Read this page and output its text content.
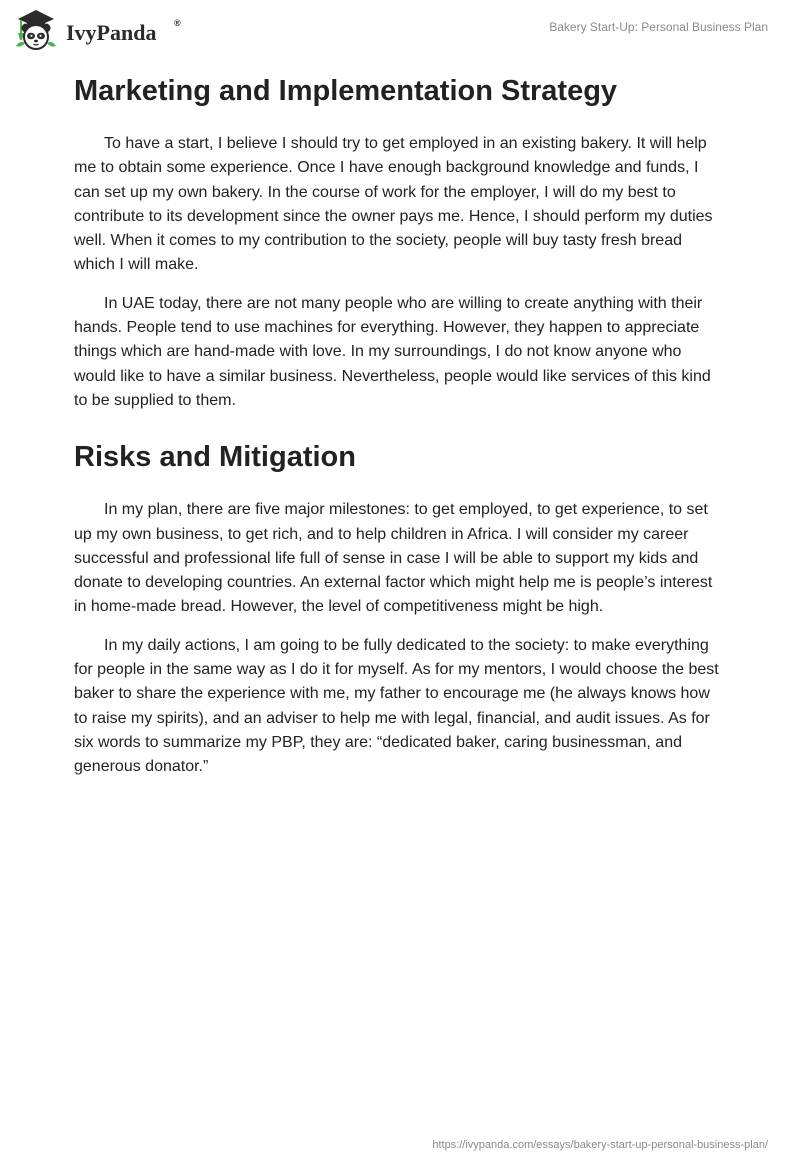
IvyPanda ®	Bakery Start-Up: Personal Business Plan

Marketing and Implementation Strategy

To have a start, I believe I should try to get employed in an existing bakery. It will help me to obtain some experience. Once I have enough background knowledge and funds, I can set up my own bakery. In the course of work for the employer, I will do my best to contribute to its development since the owner pays me. Hence, I should perform my duties well. When it comes to my contribution to the society, people will buy tasty fresh bread which I will make.

In UAE today, there are not many people who are willing to create anything with their hands. People tend to use machines for everything. However, they happen to appreciate things which are hand-made with love. In my surroundings, I do not know anyone who would like to have a similar business. Nevertheless, people would like services of this kind to be supplied to them.

Risks and Mitigation

In my plan, there are five major milestones: to get employed, to get experience, to set up my own business, to get rich, and to help children in Africa. I will consider my career successful and professional life full of sense in case I will be able to support my kids and donate to developing countries. An external factor which might help me is people’s interest in home-made bread. However, the level of competitiveness might be high.

In my daily actions, I am going to be fully dedicated to the society: to make everything for people in the same way as I do it for myself. As for my mentors, I would choose the best baker to share the experience with me, my father to encourage me (he always knows how to raise my spirits), and an adviser to help me with legal, financial, and audit issues. As for six words to summarize my PBP, they are: “dedicated baker, caring businessman, and generous donator.”

https://ivypanda.com/essays/bakery-start-up-personal-business-plan/
